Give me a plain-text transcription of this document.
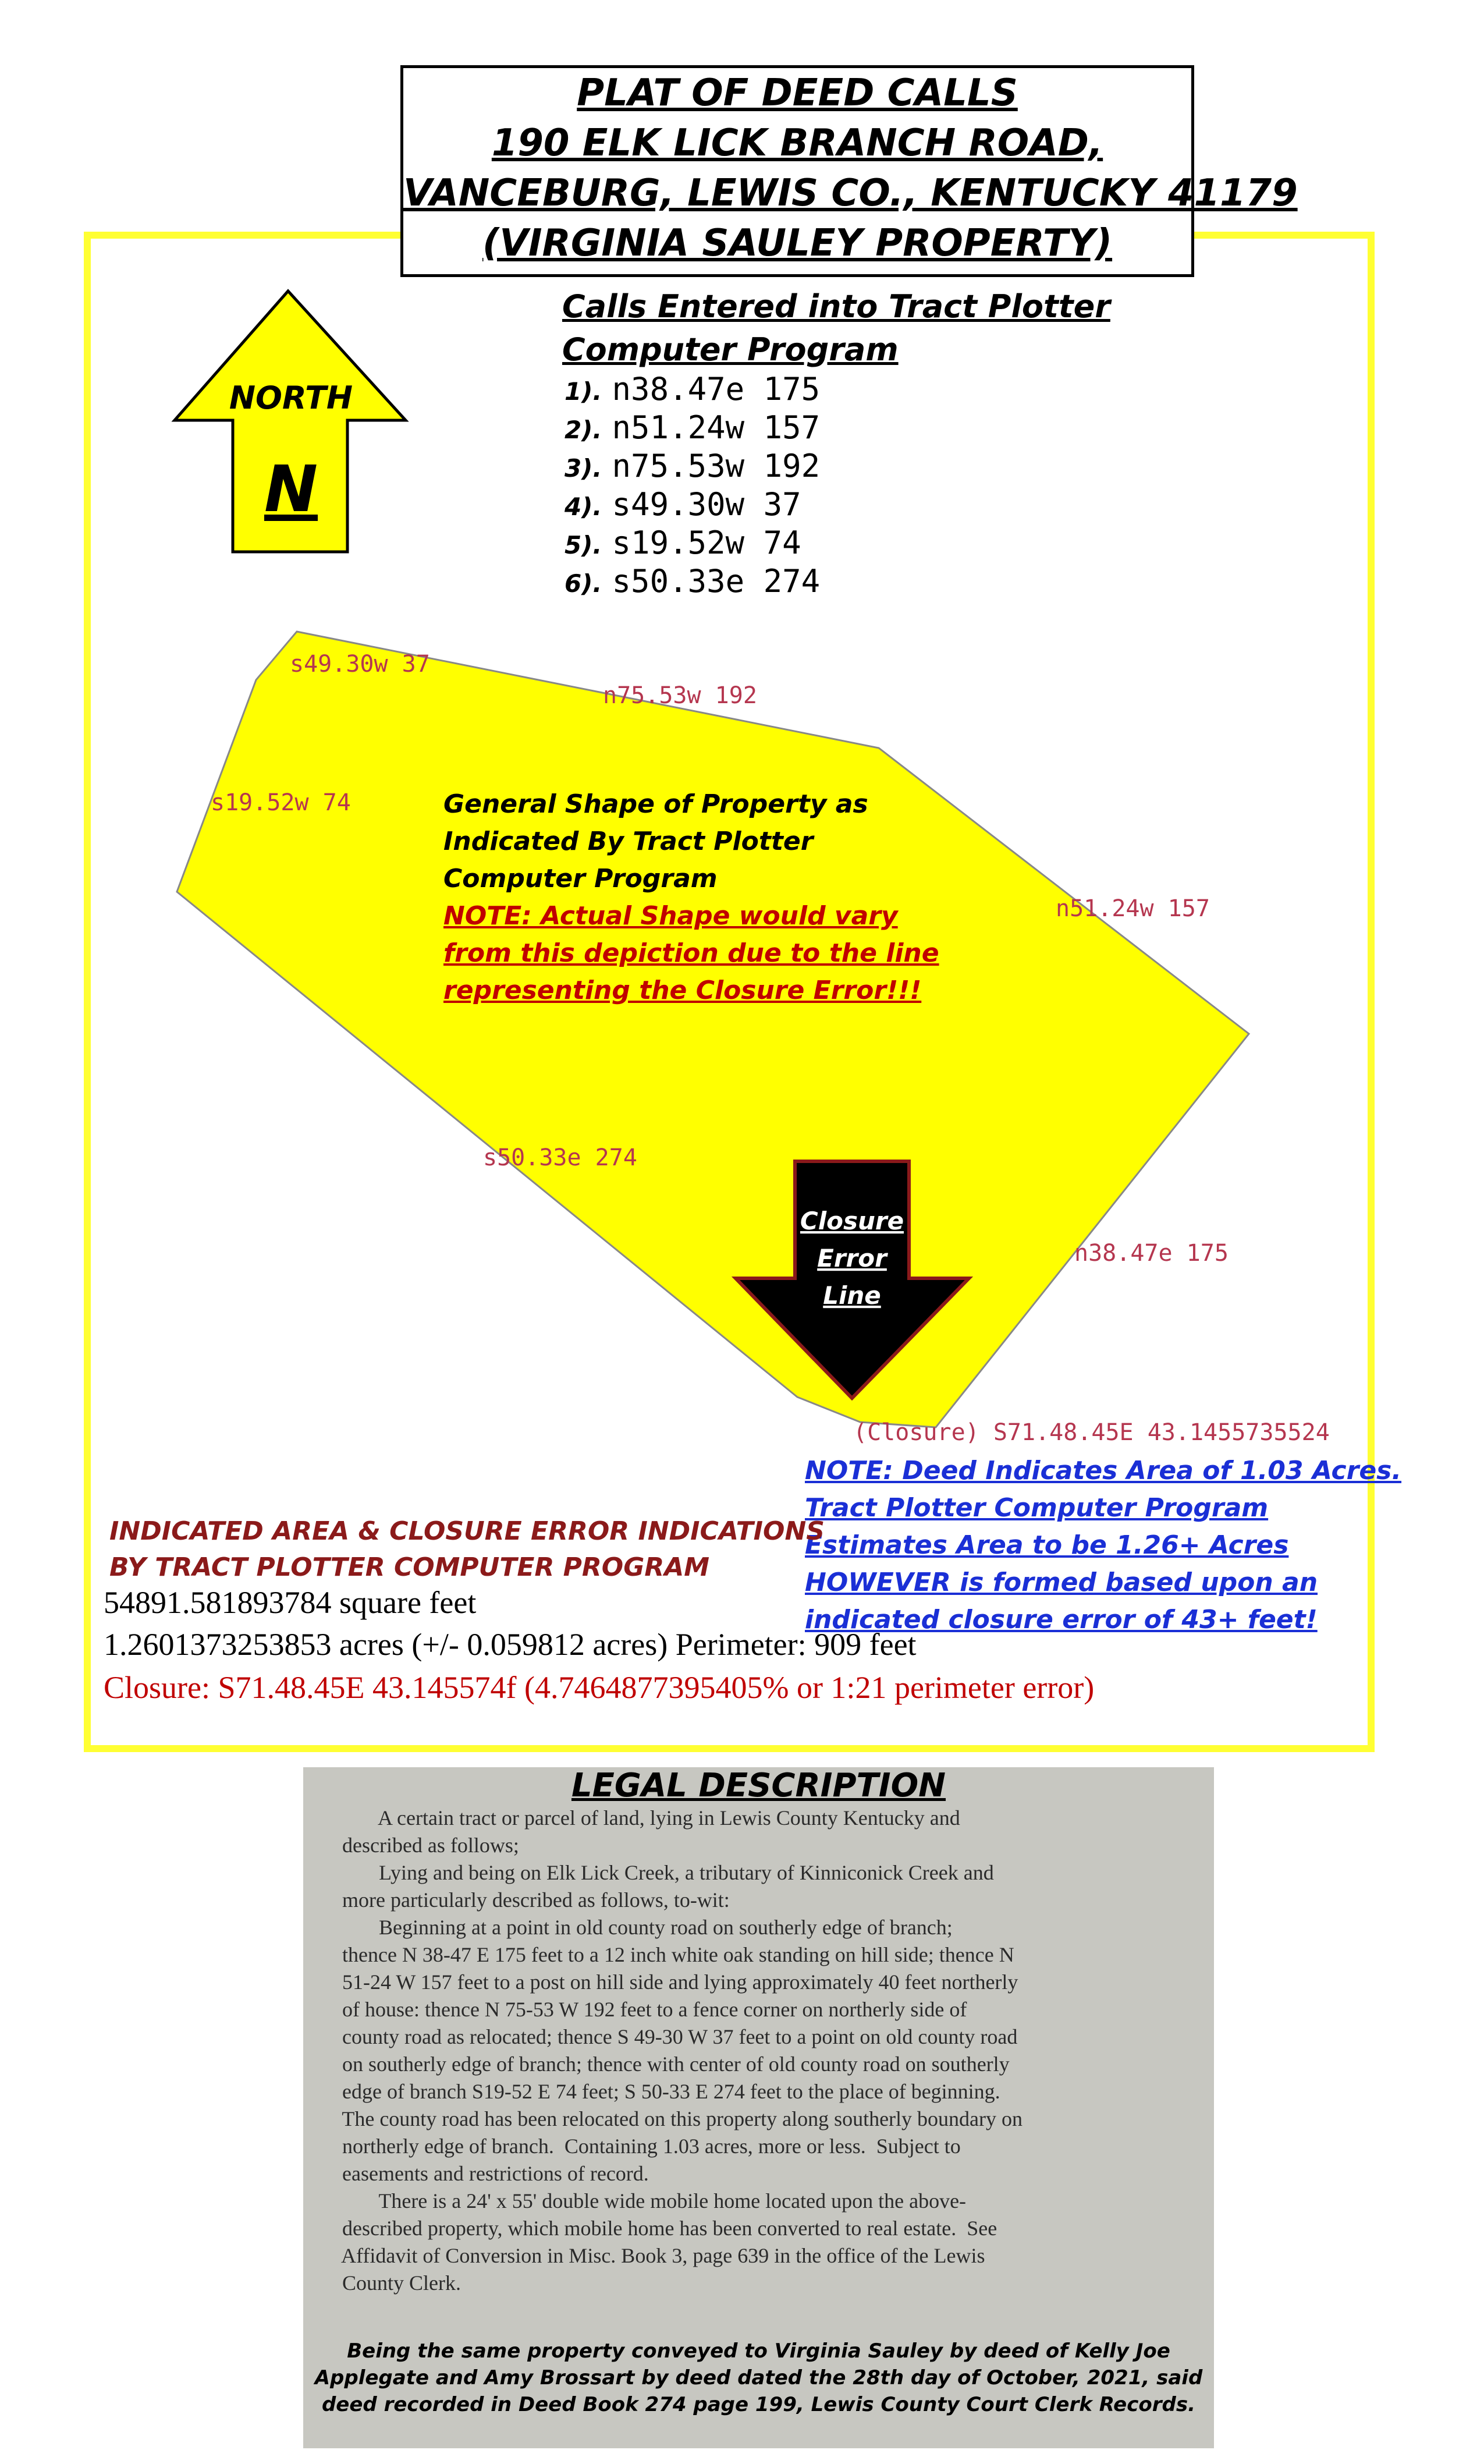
PLAT OF DEED CALLS
190 ELK LICK BRANCH ROAD,
VANCEBURG, LEWIS CO., KENTUCKY 41179
(VIRGINIA SAULEY PROPERTY)
Calls Entered into Tract Plotter
Computer Program
1). n38.47e 175
2). n51.24w 157
3). n75.53w 192
4). s49.30w 37
5). s19.52w 74
6). s50.33e 274
NORTH
N
s49.30w 37
n75.53w 192
s19.52w 74
n51.24w 157
s50.33e 274
n38.47e 175
(Closure) S71.48.45E 43.1455735524
Closure
Error
Line
General Shape of Property as
Indicated By Tract Plotter
Computer Program
NOTE: Actual Shape would vary
from this depiction due to the line
representing the Closure Error!!!
NOTE: Deed Indicates Area of 1.03 Acres.
Tract Plotter Computer Program
Estimates Area to be 1.26+ Acres
HOWEVER is formed based upon an
indicated closure error of 43+ feet!
INDICATED AREA & CLOSURE ERROR INDICATIONS
BY TRACT PLOTTER COMPUTER PROGRAM
54891.581893784 square feet
1.2601373253853 acres (+/- 0.059812 acres) Perimeter: 909 feet
Closure: S71.48.45E 43.145574f (4.7464877395405% or 1:21 perimeter error)
LEGAL DESCRIPTION
A certain tract or parcel of land, lying in Lewis County Kentucky and
described as follows;
Lying and being on Elk Lick Creek, a tributary of Kinniconick Creek and
more particularly described as follows, to-wit:
Beginning at a point in old county road on southerly edge of branch;
thence N 38-47 E 175 feet to a 12 inch white oak standing on hill side; thence N
51-24 W 157 feet to a post on hill side and lying approximately 40 feet northerly
of house: thence N 75-53 W 192 feet to a fence corner on northerly side of
county road as relocated; thence S 49-30 W 37 feet to a point on old county road
on southerly edge of branch; thence with center of old county road on southerly
edge of branch S19-52 E 74 feet; S 50-33 E 274 feet to the place of beginning.
The county road has been relocated on this property along southerly boundary on
northerly edge of branch.  Containing 1.03 acres, more or less.  Subject to
easements and restrictions of record.
There is a 24' x 55' double wide mobile home located upon the above-
described property, which mobile home has been converted to real estate.  See
Affidavit of Conversion in Misc. Book 3, page 639 in the office of the Lewis
County Clerk.
Being the same property conveyed to Virginia Sauley by deed of Kelly Joe
Applegate and Amy Brossart by deed dated the 28th day of October, 2021, said
deed recorded in Deed Book 274 page 199, Lewis County Court Clerk Records.
